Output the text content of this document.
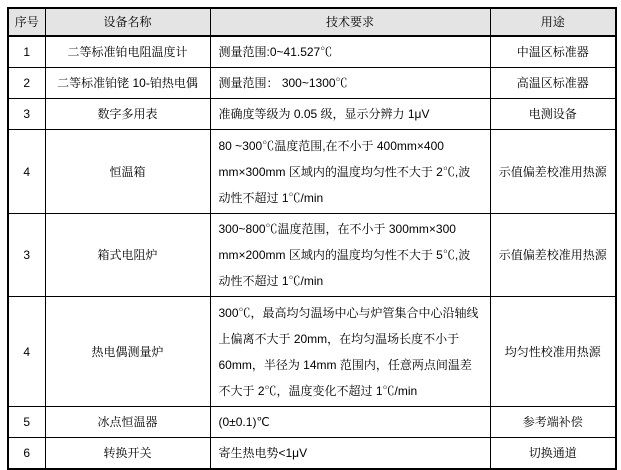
序号	设备名称	技术要求	用途
1	二等标准铂电阻温度计	测量范围:0~41.527℃	中温区标准器
2	二等标准铂铑 10-铂热电偶	测量范围： 300~1300℃	高温区标准器
3	数字多用表	准确度等级为 0.05 级，显示分辨力 1μV	电测设备
4	恒温箱	80 ~300℃温度范围,在不小于 400mm×400 mm×300mm 区域内的温度均匀性不大于 2℃,波动性不超过 1℃/min	示值偏差校准用热源
3	箱式电阻炉	300~800℃温度范围，在不小于 300mm×300 mm×200mm 区域内的温度均匀性不大于 5℃,波动性不超过 1℃/min	示值偏差校准用热源
4	热电偶测量炉	300℃，最高均匀温场中心与炉管集合中心沿轴线上偏离不大于 20mm，在均匀温场长度不小于 60mm，半径为 14mm 范围内，任意两点间温差不大于 2℃，温度变化不超过 1℃/min	均匀性校准用热源
5	冰点恒温器	(0±0.1)℃	参考端补偿
6	转换开关	寄生热电势<1μV	切换通道
